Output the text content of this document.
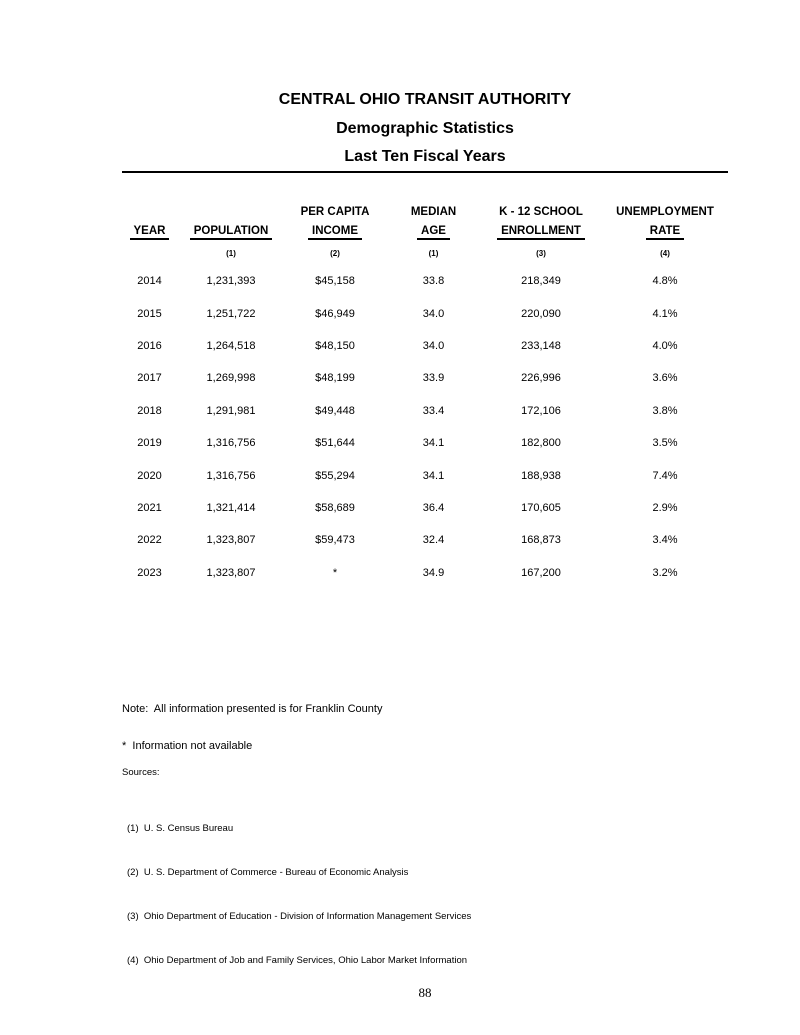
CENTRAL OHIO TRANSIT AUTHORITY
Demographic Statistics
Last Ten Fiscal Years
		PER CAPITA	MEDIAN	K - 12 SCHOOL	UNEMPLOYMENT
YEAR	POPULATION	INCOME	AGE	ENROLLMENT	RATE
	(1)	(2)	(1)	(3)	(4)
2014	1,231,393	$45,158	33.8	218,349	4.8%
2015	1,251,722	$46,949	34.0	220,090	4.1%
2016	1,264,518	$48,150	34.0	233,148	4.0%
2017	1,269,998	$48,199	33.9	226,996	3.6%
2018	1,291,981	$49,448	33.4	172,106	3.8%
2019	1,316,756	$51,644	34.1	182,800	3.5%
2020	1,316,756	$55,294	34.1	188,938	7.4%
2021	1,321,414	$58,689	36.4	170,605	2.9%
2022	1,323,807	$59,473	32.4	168,873	3.4%
2023	1,323,807	*	34.9	167,200	3.2%
Note:  All information presented is for Franklin County
*  Information not available
Sources:

(1)  U. S. Census Bureau

(2)  U. S. Department of Commerce - Bureau of Economic Analysis

(3)  Ohio Department of Education - Division of Information Management Services

(4)  Ohio Department of Job and Family Services, Ohio Labor Market Information

88
